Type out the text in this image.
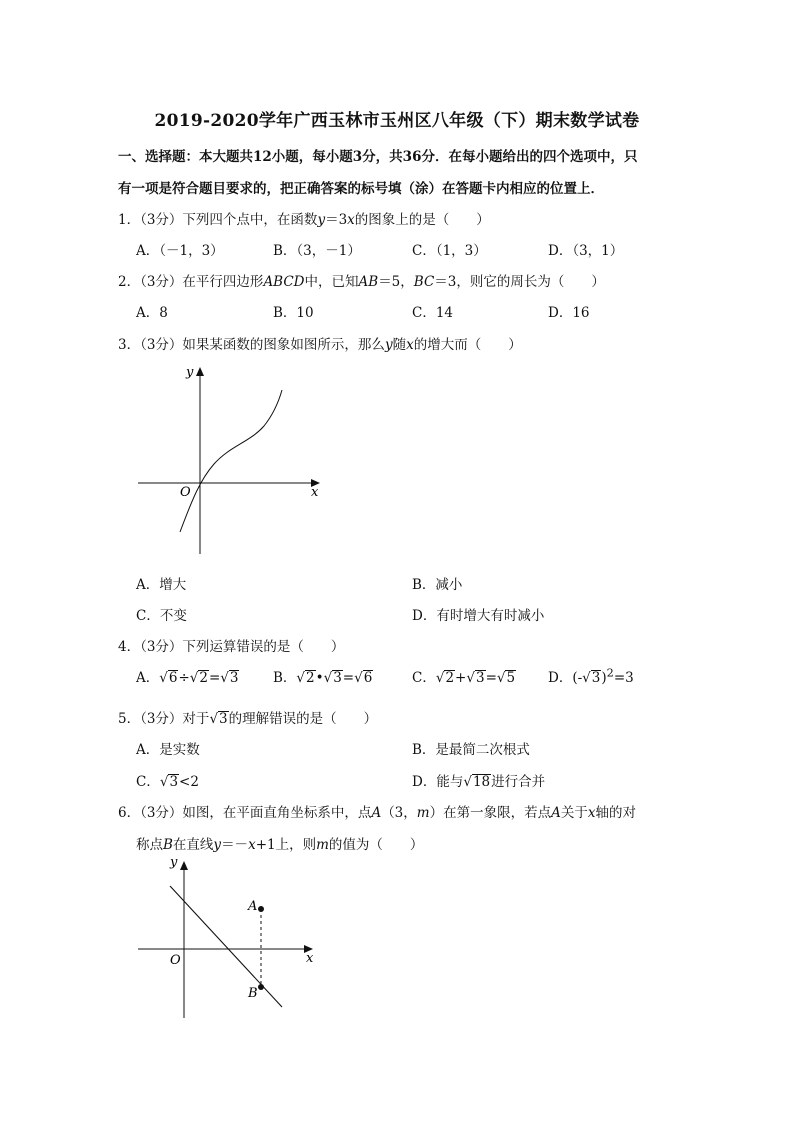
2019-2020学年广西玉林市玉州区八年级（下）期末数学试卷
一、选择题：本大题共12小题，每小题3分，共36分．在每小题给出的四个选项中，只
有一项是符合题目要求的，把正确答案的标号填（涂）在答题卡内相应的位置上．
1．（3分）下列四个点中，在函数y＝3x的图象上的是（　　）
A．（－1，3）	B．（3，－1）	C．（1，3）	D．（3，1）
2．（3分）在平行四边形ABCD中，已知AB＝5，BC＝3，则它的周长为（　　）
A．8	B．10	C．14	D．16
3．（3分）如果某函数的图象如图所示，那么y随x的增大而（　　）
y
x
O
A．增大	B．减小
C．不变	D．有时增大有时减小
4．（3分）下列运算错误的是（　　）
A． √ 6 ÷ √ 2 = √ 3	B． √ 2 • √ 3 = √ 6	C． √ 2 + √ 3 = √ 5 D．(- √ 3 )$^2$=3
5．（3分）对于 √ 3 的理解错误的是（　　）
A．是实数	B．是最简二次根式
C． √ 3 <2	D．能与 √ 18 进行合并
6．（3分）如图，在平面直角坐标系中，点A（3，m）在第一象限，若点A关于x轴的对
称点B在直线y＝－x+1上，则m的值为（　　）
y
x
O
A
B
